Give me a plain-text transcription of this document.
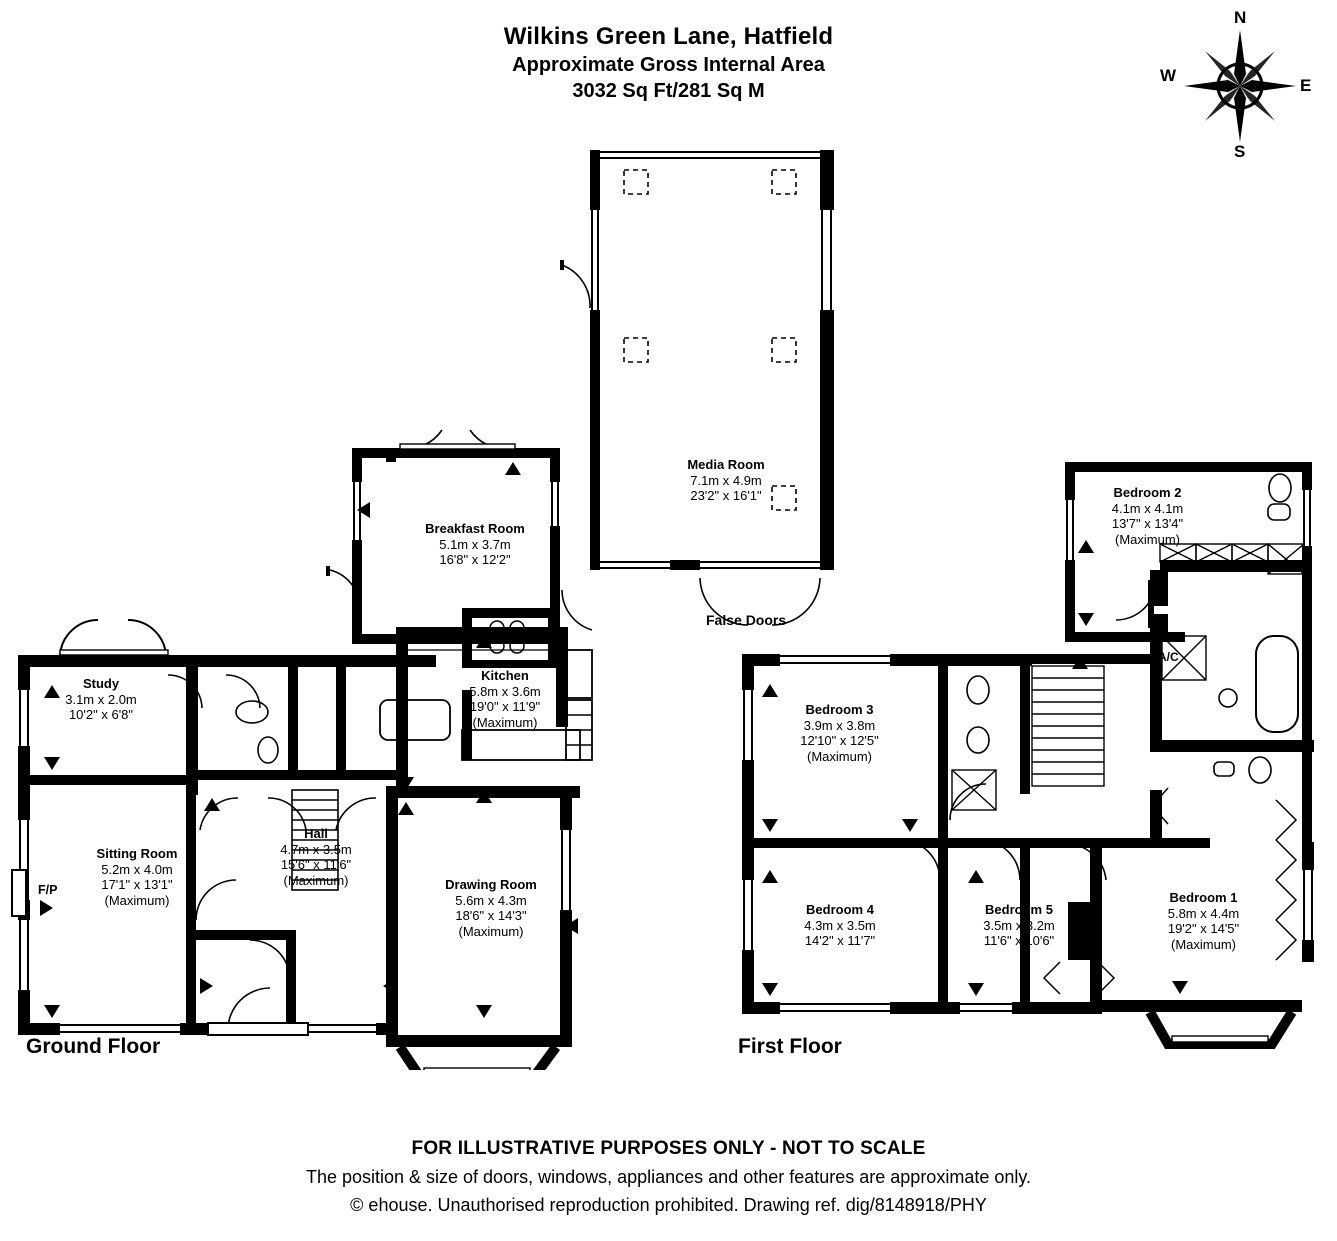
Wilkins Green Lane, Hatfield
Approximate Gross Internal Area
3032 Sq Ft/281 Sq M
N
E
S
W
Media Room
7.1m x 4.9m
23'2" x 16'1"
False Doors
Breakfast Room
5.1m x 3.7m
16'8" x 12'2"
Kitchen
5.8m x 3.6m
19'0" x 11'9"
(Maximum)
Study
3.1m x 2.0m
10'2" x 6'8"
Sitting Room
5.2m x 4.0m
17'1" x 13'1"
(Maximum)
F/P
Hall
4.7m x 3.5m
15'6" x 11'6"
(Maximum)	Drawing Room
5.6m x 4.3m
18'6" x 14'3"
(Maximum)
Ground Floor
Bedroom 2
4.1m x 4.1m
13'7" x 13'4"
(Maximum)
A/C
Bedroom 3
3.9m x 3.8m
12'10" x 12'5"
(Maximum)
Bedroom 4
4.3m x 3.5m
14'2" x 11'7"
Bedroom 5
3.5m x 3.2m
11'6" x 10'6"
Bedroom 1
5.8m x 4.4m
19'2" x 14'5"
(Maximum)
First Floor
FOR ILLUSTRATIVE PURPOSES ONLY - NOT TO SCALE
The position & size of doors, windows, appliances and other features are approximate only.
© ehouse. Unauthorised reproduction prohibited. Drawing ref. dig/8148918/PHY
